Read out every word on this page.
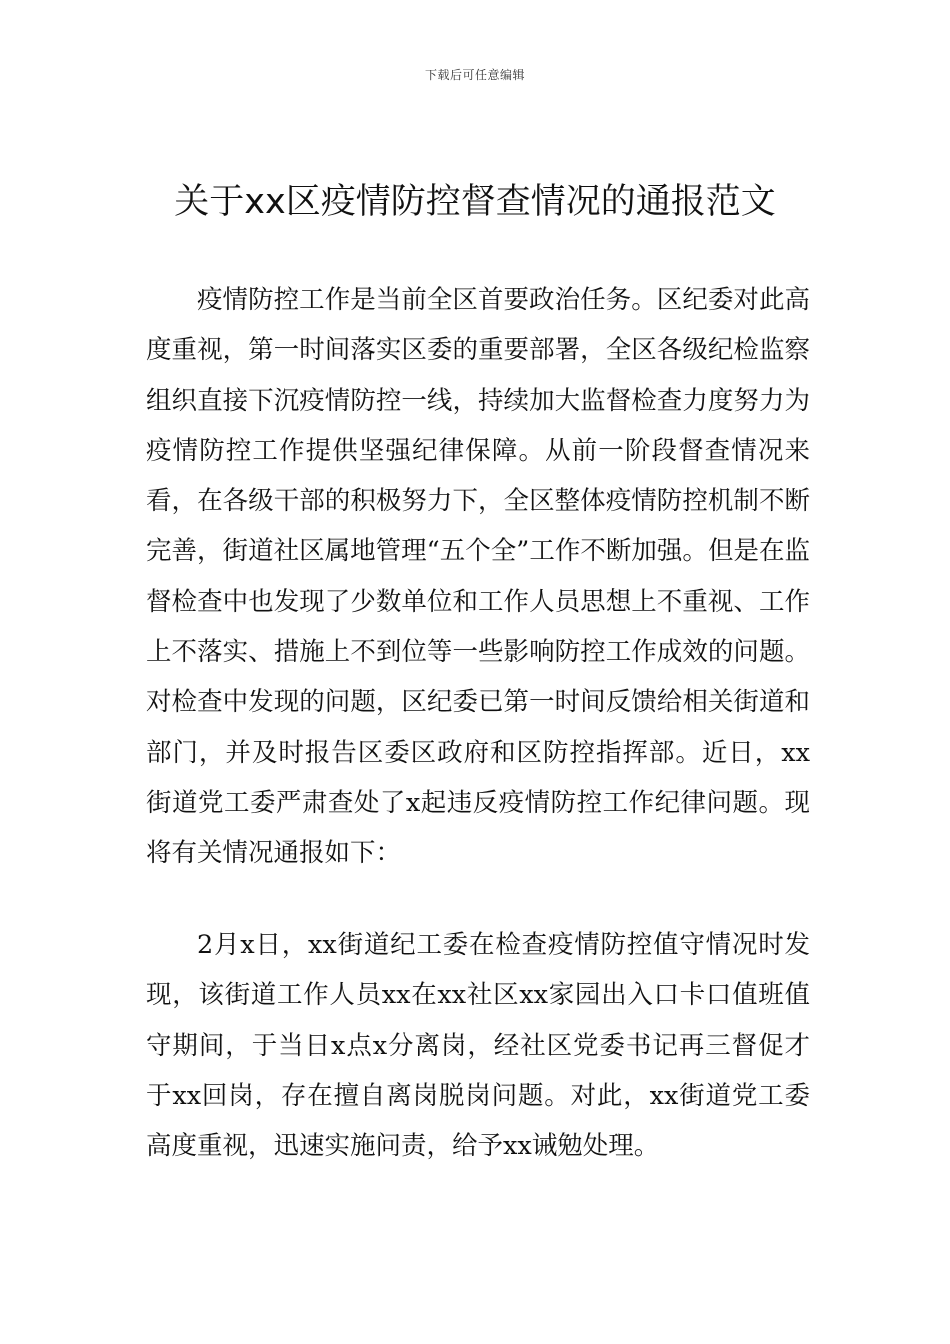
下载后可任意编辑
关于xx区疫情防控督查情况的通报范文

疫情防控工作是当前全区首要政治任务。区纪委对此高度重视，第一时间落实区委的重要部署，全区各级纪检监察组织直接下沉疫情防控一线，持续加大监督检查力度努力为疫情防控工作提供坚强纪律保障。从前一阶段督查情况来看，在各级干部的积极努力下，全区整体疫情防控机制不断完善，街道社区属地管理“五个全”工作不断加强。但是在监督检查中也发现了少数单位和工作人员思想上不重视、工作上不落实、措施上不到位等一些影响防控工作成效的问题。对检查中发现的问题，区纪委已第一时间反馈给相关街道和部门，并及时报告区委区政府和区防控指挥部。近日，xx街道党工委严肃查处了x起违反疫情防控工作纪律问题。现将有关情况通报如下：

2月x日，xx街道纪工委在检查疫情防控值守情况时发现，该街道工作人员xx在xx社区xx家园出入口卡口值班值守期间，于当日x点x分离岗，经社区党委书记再三督促才于xx回岗，存在擅自离岗脱岗问题。对此，xx街道党工委高度重视，迅速实施问责，给予xx诫勉处理。
